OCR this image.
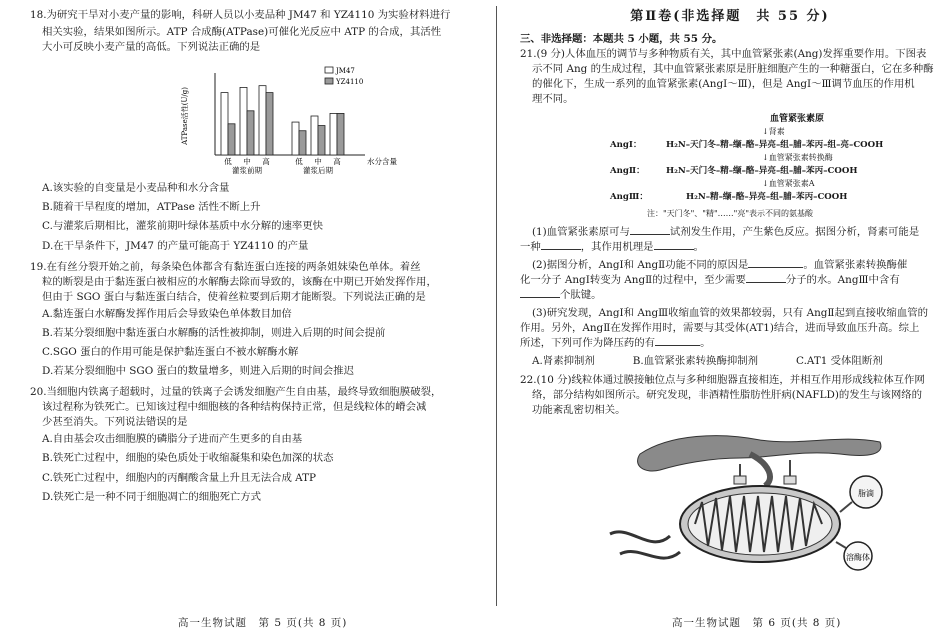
18.为研究干旱对小麦产量的影响，科研人员以小麦品种 JM47 和 YZ4110 为实验材料进行

相关实验，结果如图所示。ATP 合成酶(ATPase)可催化光反应中 ATP 的合成，其活性

大小可反映小麦产量的高低。下列说法正确的是

ATPase活性(U/g)
低 中 高	低 中 高
灌浆前期	灌浆后期
水分含量
JM47
YZ4110

A.该实验的自变量是小麦品种和水分含量

B.随着干旱程度的增加，ATPase 活性不断上升

C.与灌浆后期相比，灌浆前期叶绿体基质中水分解的速率更快

D.在干旱条件下，JM47 的产量可能高于 YZ4110 的产量

19.在有丝分裂开始之前，每条染色体都含有黏连蛋白连接的两条姐妹染色单体。着丝

粒的断裂是由于黏连蛋白被相应的水解酶去除而导致的，该酶在中期已开始发挥作用，

但由于 SGO 蛋白与黏连蛋白结合，使着丝粒要到后期才能断裂。下列说法正确的是

A.黏连蛋白水解酶发挥作用后会导致染色单体数目加倍

B.若某分裂细胞中黏连蛋白水解酶的活性被抑制，则进入后期的时间会提前

C.SGO 蛋白的作用可能是保护黏连蛋白不被水解酶水解

D.若某分裂细胞中 SGO 蛋白的数量增多，则进入后期的时间会推迟

20.当细胞内铁离子超载时，过量的铁离子会诱发细胞产生自由基，最终导致细胞膜破裂，

该过程称为铁死亡。已知该过程中细胞核的各种结构保持正常，但是线粒体的嵴会减

少甚至消失。下列说法错误的是

A.自由基会攻击细胞膜的磷脂分子进而产生更多的自由基

B.铁死亡过程中，细胞的染色质处于收缩凝集和染色加深的状态

C.铁死亡过程中，细胞内的丙酮酸含量上升且无法合成 ATP

D.铁死亡是一种不同于细胞凋亡的细胞死亡方式

高一生物试题　第 5 页(共 8 页)

第Ⅱ卷(非选择题　共 55 分)

三、非选择题：本题共 5 小题，共 55 分。

21.(9 分)人体血压的调节与多种物质有关，其中血管紧张素(Ang)发挥重要作用。下图表

示不同 Ang 的生成过程，其中血管紧张素原是肝脏细胞产生的一种糖蛋白，它在多种酶

的催化下，生成一系列的血管紧张素(AngⅠ～Ⅲ)，但是 AngⅠ～Ⅲ调节血压的作用机

理不同。

血管紧张素原
↓ 肾素
AngⅠ：	H₂N–天门冬–精–缬–酪–异亮–组–脯–苯丙–组–亮–COOH
↓ 血管紧张素转换酶
AngⅡ：	H₂N–天门冬–精–缬–酪–异亮–组–脯–苯丙–COOH
↓ 血管紧张素A
AngⅢ：	H₂N–精–缬–酪–异亮–组–脯–苯丙–COOH

注："天门冬"、"精"……"亮"表示不同的氨基酸

(1)血管紧张素原可与	试剂发生作用，产生紫色反应。据图分析，肾素可能是

一种	，其作用机理是	。

(2)据图分析，AngⅠ和 AngⅡ功能不同的原因是	。血管紧张素转换酶催

化一分子 AngⅠ转变为 AngⅡ的过程中，至少需要	分子的水。AngⅢ中含有

个肽键。

(3)研究发现，AngⅠ和 AngⅢ收缩血管的效果都较弱，只有 AngⅡ起到直接收缩血管的

作用。另外，AngⅡ在发挥作用时，需要与其受体(AT1)结合，进而导致血压升高。综上

所述，下列可作为降压药的有	。

A.肾素抑制剂	B.血管紧张素转换酶抑制剂	C.AT1 受体阻断剂

22.(10 分)线粒体通过膜接触位点与多种细胞器直接相连，并相互作用形成线粒体互作网

络，部分结构如图所示。研究发现，非酒精性脂肪性肝病(NAFLD)的发生与该网络的

功能紊乱密切相关。

脂滴
溶酶体
高一生物试题　第 6 页(共 8 页)
